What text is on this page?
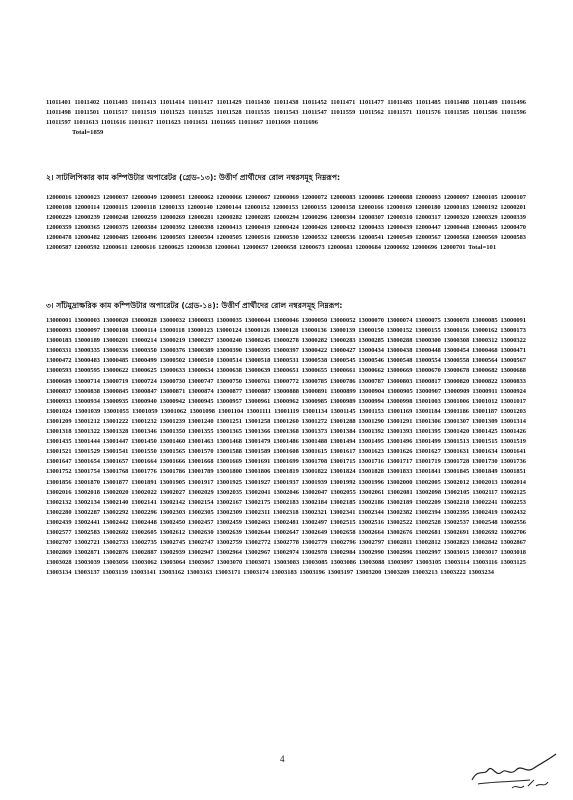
11011401 11011402 11011403 11011413 11011414 11011417 11011429 11011430 11011438 11011452 11011471 11011477 11011483 11011485 11011488 11011489 11011496 11011498 11011501 11011517 11011519 11011523 11011525 11011528 11011535 11011543 11011547 11011559 11011562 11011571 11011576 11011585 11011586 11011596 11011597 11011613 11011616 11011617 11011623 11011651 11011665 11011667 11011669 11011696
Total=1859
২। সাটলিপিকার কাম কম্পিউটার অপারেটর (গ্রেড-১৩): উত্তীর্ণ প্রার্থীদের রোল নম্বরসমূহ নিম্নরূপ:
12000016 12000023 12000037 12000049 12000051 12000062 12000066 12000067 12000069 12000072 12000083 12000086 12000088 12000093 12000097 12000105 12000107 12000108 12000114 12000115 12000118 12000133 12000140 12000144 12000152 12000153 12000155 12000158 12000166 12000169 12000180 12000183 12000192 12000201 12000229 12000239 12000248 12000259 12000269 12000281 12000282 12000285 12000294 12000296 12000304 12000307 12000310 12000317 12000320 12000329 12000339 12000359 12000365 12000375 12000384 12000392 12000398 12000413 12000419 12000424 12000426 12000432 12000433 12000439 12000447 12000448 12000465 12000470 12000478 12000482 12000485 12000496 12000503 12000504 12000505 12000516 12000530 12000532 12000536 12000541 12000549 12000567 12000568 12000569 12000583 12000587 12000592 12000611 12000616 12000625 12000638 12000641 12000657 12000658 12000673 12000681 12000684 12000692 12000696 12000701 Total=101
৩। সাঁটমুদ্রাক্ষরিক কাম কম্পিউটার অপারেটর (গ্রেড-১৪): উত্তীর্ণ প্রার্থীদের রোল নম্বরসমূহ নিম্নরূপ:
13000001 13000003 13000020 13000028 13000032 13000033 13000035 13000044 13000046 13000050 13000052 13000070 13000074 13000075 13000078 13000085 13000091 13000093 13000097 13000108 13000114 13000118 13000123 13000124 13000126 13000128 13000136 13000139 13000150 13000152 13000155 13000156 13000162 13000173 13000183 13000189 13000201 13000214 13000219 13000237 13000240 13000245 13000278 13000282 13000283 13000285 13000288 13000300 13000308 13000312 13000322 13000331 13000335 13000336 13000350 13000376 13000389 13000390 13000395 13000397 13000422 13000427 13000434 13000438 13000448 13000454 13000468 13000471 13000472 13000483 13000485 13000499 13000502 13000510 13000514 13000518 13000531 13000538 13000545 13000546 13000548 13000554 13000558 13000564 13000567 13000593 13000595 13000622 13000625 13000633 13000634 13000638 13000639 13000651 13000655 13000661 13000662 13000669 13000670 13000678 13000682 13000688 13000689 13000714 13000719 13000724 13000730 13000747 13000750 13000761 13000772 13000785 13000786 13000787 13000803 13000817 13000820 13000822 13000833 13000837 13000838 13000845 13000847 13000871 13000874 13000877 13000887 13000888 13000891 13000899 13000904 13000905 13000907 13000909 13000911 13000924 13000933 13000934 13000935 13000940 13000942 13000945 13000957 13000961 13000962 13000985 13000989 13000994 13000998 13001003 13001006 13001012 13001017 13001024 13001039 13001055 13001059 13001062 13001098 13001104 13001111 13001119 13001134 13001145 13001153 13001169 13001184 13001186 13001187 13001203 13001209 13001212 13001222 13001232 13001239 13001240 13001251 13001258 13001260 13001272 13001288 13001290 13001291 13001306 13001307 13001309 13001314 13001318 13001322 13001328 13001346 13001350 13001355 13001365 13001366 13001368 13001373 13001384 13001392 13001393 13001395 13001420 13001425 13001426 13001435 13001444 13001447 13001450 13001460 13001463 13001468 13001479 13001486 13001488 13001494 13001495 13001496 13001499 13001513 13001515 13001519 13001521 13001529 13001541 13001550 13001565 13001570 13001588 13001589 13001608 13001615 13001617 13001623 13001626 13001627 13001631 13001634 13001641 13001647 13001654 13001657 13001664 13001666 13001668 13001669 13001691 13001699 13001708 13001715 13001716 13001717 13001719 13001728 13001730 13001736 13001752 13001754 13001768 13001776 13001786 13001789 13001800 13001806 13001819 13001822 13001824 13001828 13001833 13001841 13001845 13001849 13001851 13001856 13001870 13001877 13001891 13001905 13001917 13001925 13001927 13001937 13001939 13001992 13001996 13002000 13002005 13002012 13002013 13002014 13002016 13002018 13002020 13002022 13002027 13002029 13002035 13002041 13002046 13002047 13002055 13002061 13002081 13002098 13002105 13002117 13002125 13002132 13002134 13002140 13002141 13002142 13002154 13002167 13002175 13002183 13002184 13002185 13002186 13002189 13002209 13002218 13002241 13002253 13002280 13002287 13002292 13002296 13002303 13002305 13002309 13002311 13002318 13002321 13002341 13002344 13002382 13002394 13002395 13002419 13002432 13002439 13002441 13002442 13002448 13002450 13002457 13002459 13002463 13002481 13002497 13002515 13002516 13002522 13002528 13002537 13002548 13002556 13002577 13002583 13002602 13002605 13002612 13002630 13002639 13002644 13002647 13002649 13002658 13002664 13002676 13002681 13002691 13002692 13002706 13002707 13002721 13002733 13002735 13002745 13002747 13002759 13002772 13002778 13002779 13002796 13002797 13002811 13002812 13002823 13002842 13002867 13002869 13002871 13002876 13002887 13002939 13002947 13002964 13002967 13002974 13002978 13002984 13002990 13002996 13002997 13003015 13003017 13003018 13003028 13003039 13003056 13003062 13003064 13003067 13003070 13003071 13003083 13003085 13003086 13003088 13003097 13003105 13003114 13003116 13003125 13003134 13003137 13003139 13003141 13003162 13003163 13003171 13003174 13003183 13003196 13003197 13003200 13003209 13003213 13003222 13003234
4
